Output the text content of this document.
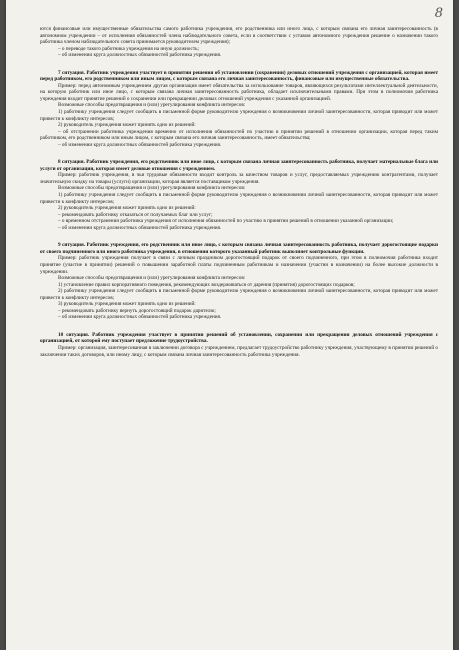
8

ются финансовые или имущественные обязательства самого работника учреждения, его родственника или иного лица, с которым связана его личная заинтересованность (в автономном учреждении – от исполнения обязанностей члена наблюдательного совета, если в соответствии с уставом автономного учреждения решение о назначении такого работника членом наблюдательного совета принимается руководителем учреждения);

– о переводе такого работника учреждения на иную должность;

– об изменении круга должностных обязанностей работника учреждения.

7 ситуация. Работник учреждения участвует в принятии решения об установлении (сохранении) деловых отношений учреждения с организацией, которая имеет перед работником, его родственником или иным лицом, с которым связана его личная заинтересованность, финансовые или имущественные обязательства.

Пример: перед автономным учреждением другая организация имеет обязательства за использование товаров, являющихся результатами интеллектуальной деятельности, на которую работник или иное лицо, с которым связана личная заинтересованность работника, обладает исключительными правами. При этом в полномочия работника учреждения входит принятие решений о сохранении или прекращении деловых отношений учреждения с указанной организацией.

Возможные способы предотвращения и (или) урегулирования конфликта интересов:

1) работнику учреждения следует сообщить в письменной форме руководителю учреждения о возникновении личной заинтересованности, которая приводит или может привести к конфликту интересов;

2) руководитель учреждения может принять одно из решений:

– об отстранении работника учреждения временно от исполнения обязанностей по участию в принятии решений в отношении организации, которая перед таким работником, его родственником или иным лицом, с которым связана его личная заинтересованность, имеет обязательства;

– об изменении круга должностных обязанностей работника учреждения.

8 ситуация. Работник учреждения, его родственник или иное лицо, с которым связана личная заинтересованность работника, получает материальные блага или услуги от организации, которая имеет деловые отношения с учреждением.

Пример: работник учреждения, в чьи трудовые обязанности входит контроль за качеством товаров и услуг, предоставляемых учреждению контрагентами, получает значительную скидку на товары (услуги) организации, которая является поставщиком учреждения.

Возможные способы предотвращения и (или) урегулирования конфликта интересов:

1) работнику учреждения следует сообщить в письменной форме руководителю учреждения о возникновении личной заинтересованности, которая приводит или может привести к конфликту интересов;

2) руководитель учреждения может принять одно из решений:

– рекомендовать работнику отказаться от получаемых благ или услуг;

– о временном отстранении работника учреждения от исполнения обязанностей по участию в принятии решений в отношении указанной организации;

– об изменении круга должностных обязанностей работника учреждения.

9 ситуация. Работник учреждения, его родственник или иное лицо, с которым связана личная заинтересованность работника, получает дорогостоящие подарки от своего подчиненного или иного работника учреждения, в отношении которого указанный работник выполняет контрольные функции.

Пример: работник учреждения получает в связи с личным праздником дорогостоящий подарок от своего подчиненного, при этом в полномочия работника входит принятие (участие в принятии) решений о повышении заработной платы подчиненным работникам и назначении (участии в назначении) на более высокие должности в учреждении.

Возможные способы предотвращения и (или) урегулирования конфликта интересов:

1) установление правил корпоративного поведения, рекомендующих воздерживаться от дарения (принятия) дорогостоящих подарков;

2) работнику учреждения следует сообщить в письменной форме руководителю учреждения о возникновении личной заинтересованности, которая приводит или может привести к конфликту интересов;

3) руководитель учреждения может принять одно из решений:

– рекомендовать работнику вернуть дорогостоящий подарок дарителю;

– об изменении круга должностных обязанностей работника учреждения.

10 ситуация. Работник учреждения участвует в принятии решений об установлении, сохранении или прекращении деловых отношений учреждения с организацией, от которой ему поступает предложение трудоустройства.

Пример: организация, заинтересованная в заключении договора с учреждением, предлагает трудоустройство работнику учреждения, участвующему в принятии решений о заключении таких договоров, или иному лицу, с которым связана личная заинтересованность работника учреждения.
